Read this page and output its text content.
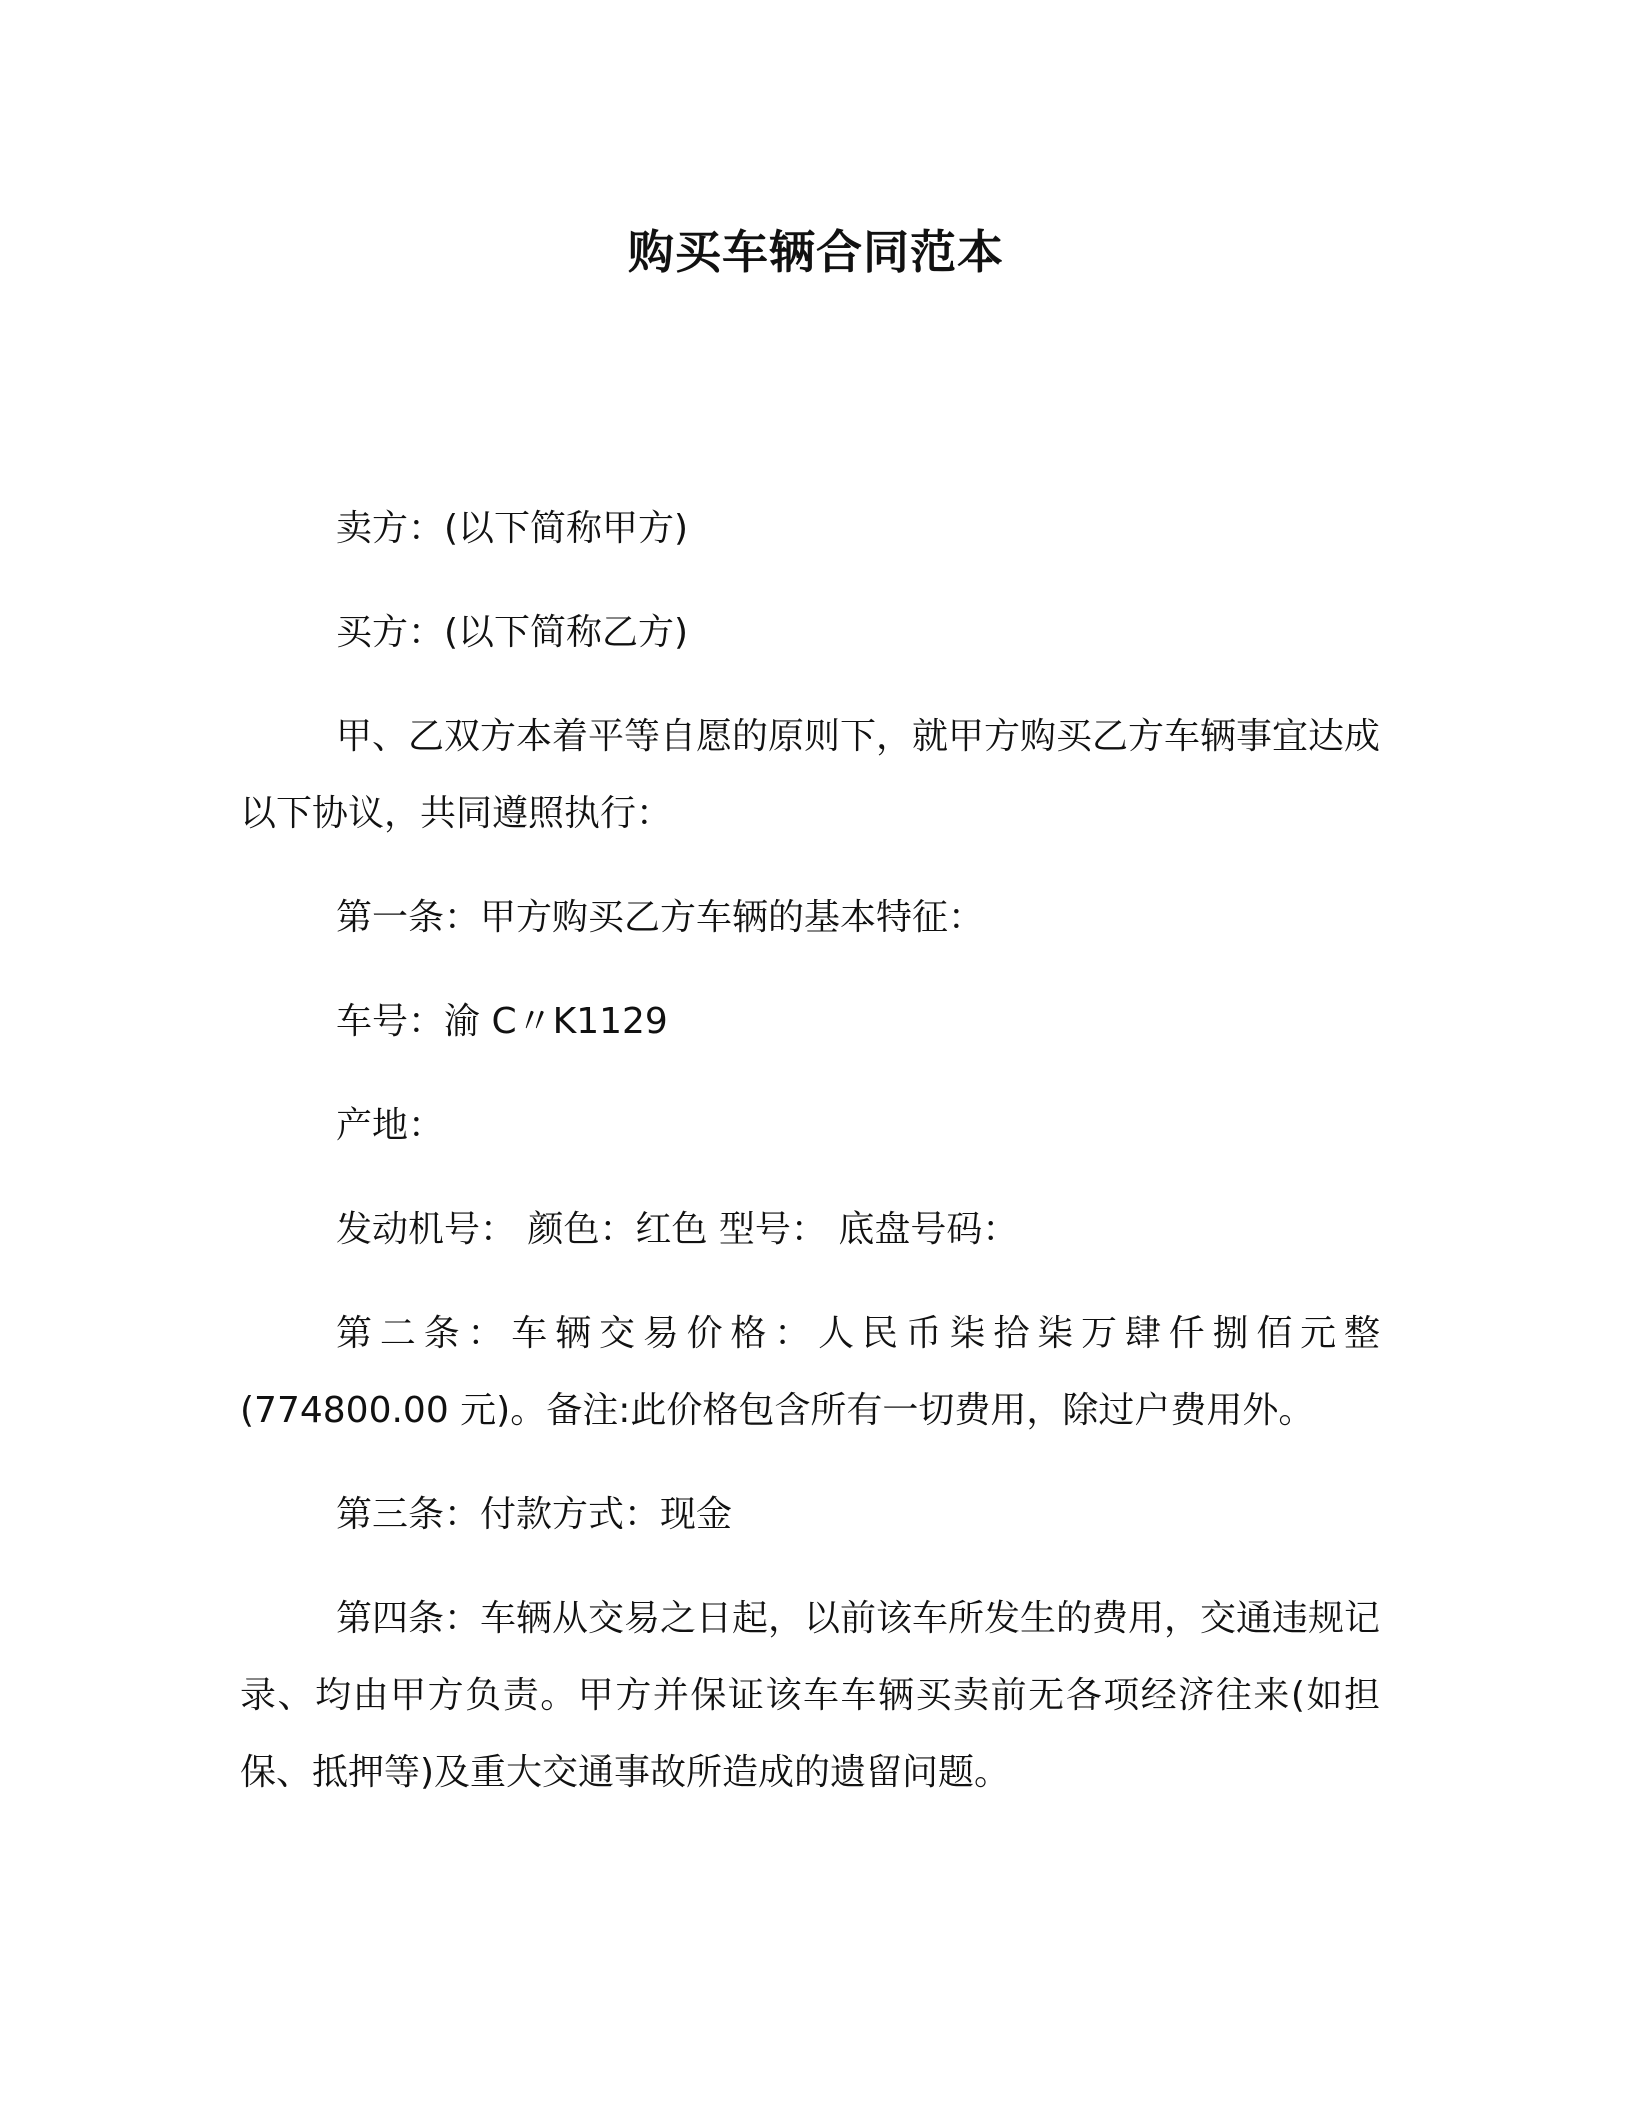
购买车辆合同范本

卖方：(以下简称甲方)

买方：(以下简称乙方)

甲、乙双方本着平等自愿的原则下，就甲方购买乙方车辆事宜达成以下协议，共同遵照执行：

第一条：甲方购买乙方车辆的基本特征：

车号：渝 C〃K1129

产地：

发动机号： 颜色：红色 型号： 底盘号码：

第二条：车辆交易价格：人民币柒拾柒万肆仟捌佰元整(774800.00 元)。备注:此价格包含所有一切费用，除过户费用外。

第三条：付款方式：现金

第四条：车辆从交易之日起，以前该车所发生的费用，交通违规记录、均由甲方负责。甲方并保证该车车辆买卖前无各项经济往来(如担保、抵押等)及重大交通事故所造成的遗留问题。
